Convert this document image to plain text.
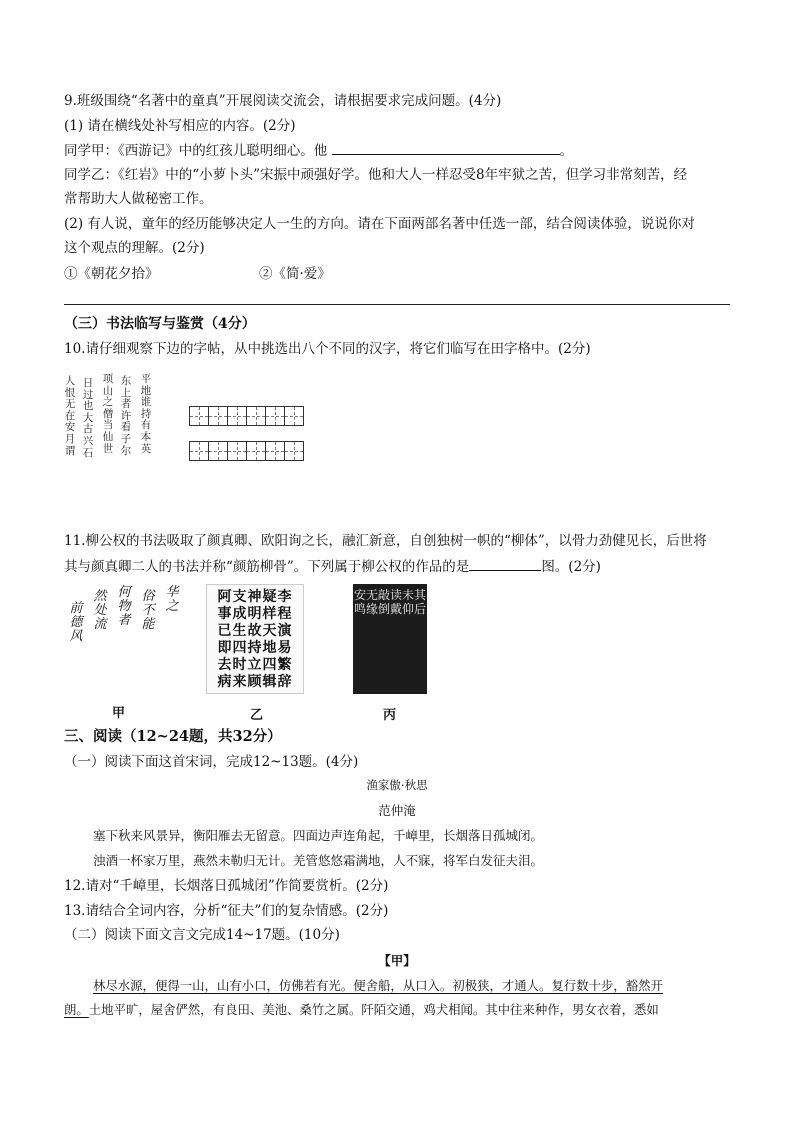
9.班级围绕“名著中的童真”开展阅读交流会，请根据要求完成问题。(4分)
(1) 请在横线处补写相应的内容。(2分)
同学甲：《西游记》中的红孩儿聪明细心。他	。
同学乙：《红岩》中的“小萝卜头”宋振中顽强好学。他和大人一样忍受8年牢狱之苦，但学习非常刻苦，经
常帮助大人做秘密工作。
(2) 有人说，童年的经历能够决定人一生的方向。请在下面两部名著中任选一部，结合阅读体验，说说你对
这个观点的理解。(2分)
①《朝花夕拾》	②《简·爱》
（三）书法临写与鉴赏（4分）
10.请仔细观察下边的字帖，从中挑选出八个不同的汉字，将它们临写在田字格中。(2分)
人恨无在安月谓
日过也大古兴石
项山之僧当仙世
东上者许看子尔
平地谁持有本英
11.柳公权的书法吸取了颜真卿、欧阳询之长，融汇新意，自创独树一帜的“柳体”，以骨力劲健见长，后世将
其与颜真卿二人的书法并称“颜筋柳骨”。下列属于柳公权的作品的是	图。(2分)
前德风
然处流
何物者
俗不能
华之
阿支神疑李
事成明样程
已生故天演
即四持地易
去时立四繁
病来顾辑辞
安鸣
无缘
敲倒
读戴
未仰
其后
甲	乙	丙
三、阅读（12~24题，共32分）
（一）阅读下面这首宋词，完成12~13题。(4分)
渔家傲·秋思
范仲淹
塞下秋来风景异，衡阳雁去无留意。四面边声连角起，千嶂里，长烟落日孤城闭。
浊酒一杯家万里，燕然未勒归无计。羌管悠悠霜满地，人不寐，将军白发征夫泪。
12.请对“千嶂里，长烟落日孤城闭”作简要赏析。(2分)
13.请结合全词内容，分析“征夫”们的复杂情感。(2分)
（二）阅读下面文言文完成14~17题。(10分)
【甲】
林尽水源，便得一山，山有小口，仿佛若有光。便舍船，从口入。初极狭，才通人。复行数十步，豁然开
朗。土地平旷，屋舍俨然，有良田、美池、桑竹之属。阡陌交通，鸡犬相闻。其中往来种作，男女衣着，悉如
